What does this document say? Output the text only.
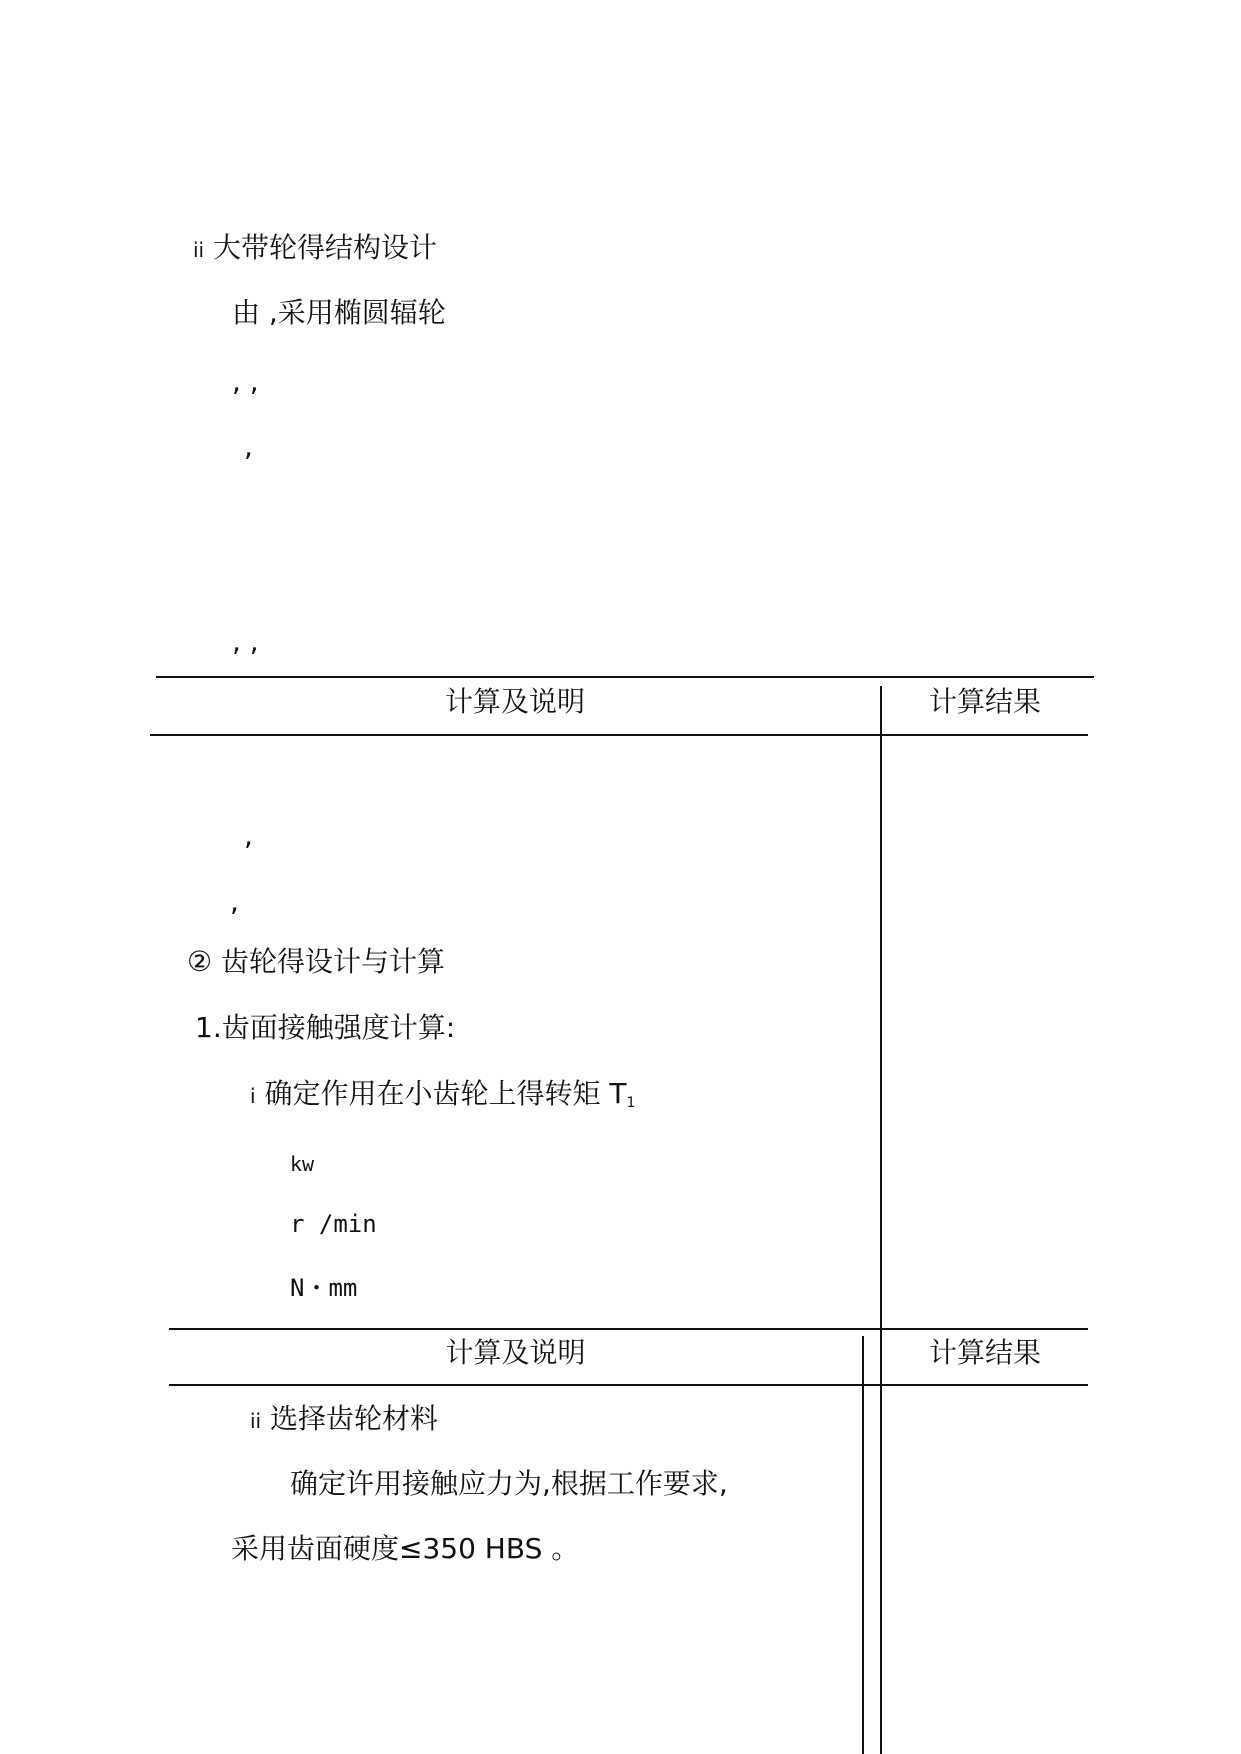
ii 大带轮得结构设计
由 ,采用椭圆辐轮
, ,
,
, ,
计算及说明	计算结果
,
,
② 齿轮得设计与计算
1.齿面接触强度计算:
i 确定作用在小齿轮上得转矩 $T_1$
kw
r /min
N・mm
计算及说明	计算结果
ii 选择齿轮材料
确定许用接触应力为,根据工作要求,
采用齿面硬度≤350 HBS 。
